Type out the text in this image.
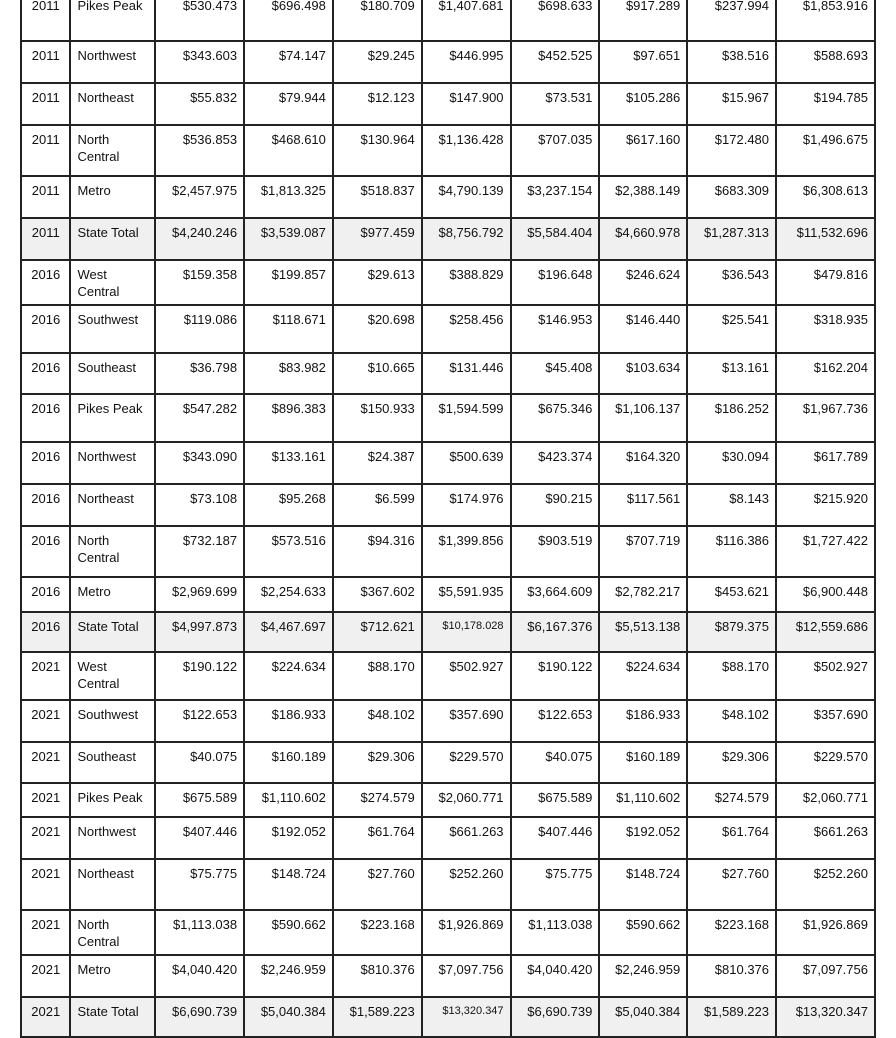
2011	Pikes Peak	$530.473	$696.498	$180.709	$1,407.681	$698.633	$917.289	$237.994	$1,853.916
2011	Northwest	$343.603	$74.147	$29.245	$446.995	$452.525	$97.651	$38.516	$588.693
2011	Northeast	$55.832	$79.944	$12.123	$147.900	$73.531	$105.286	$15.967	$194.785
2011	North Central	$536.853	$468.610	$130.964	$1,136.428	$707.035	$617.160	$172.480	$1,496.675
2011	Metro	$2,457.975	$1,813.325	$518.837	$4,790.139	$3,237.154	$2,388.149	$683.309	$6,308.613
2011	State Total	$4,240.246	$3,539.087	$977.459	$8,756.792	$5,584.404	$4,660.978	$1,287.313	$11,532.696
2016	West Central	$159.358	$199.857	$29.613	$388.829	$196.648	$246.624	$36.543	$479.816
2016	Southwest	$119.086	$118.671	$20.698	$258.456	$146.953	$146.440	$25.541	$318.935
2016	Southeast	$36.798	$83.982	$10.665	$131.446	$45.408	$103.634	$13.161	$162.204
2016	Pikes Peak	$547.282	$896.383	$150.933	$1,594.599	$675.346	$1,106.137	$186.252	$1,967.736
2016	Northwest	$343.090	$133.161	$24.387	$500.639	$423.374	$164.320	$30.094	$617.789
2016	Northeast	$73.108	$95.268	$6.599	$174.976	$90.215	$117.561	$8.143	$215.920
2016	North Central	$732.187	$573.516	$94.316	$1,399.856	$903.519	$707.719	$116.386	$1,727.422
2016	Metro	$2,969.699	$2,254.633	$367.602	$5,591.935	$3,664.609	$2,782.217	$453.621	$6,900.448
2016	State Total	$4,997.873	$4,467.697	$712.621	$10,178.028	$6,167.376	$5,513.138	$879.375	$12,559.686
2021	West Central	$190.122	$224.634	$88.170	$502.927	$190.122	$224.634	$88.170	$502.927
2021	Southwest	$122.653	$186.933	$48.102	$357.690	$122.653	$186.933	$48.102	$357.690
2021	Southeast	$40.075	$160.189	$29.306	$229.570	$40.075	$160.189	$29.306	$229.570
2021	Pikes Peak	$675.589	$1,110.602	$274.579	$2,060.771	$675.589	$1,110.602	$274.579	$2,060.771
2021	Northwest	$407.446	$192.052	$61.764	$661.263	$407.446	$192.052	$61.764	$661.263
2021	Northeast	$75.775	$148.724	$27.760	$252.260	$75.775	$148.724	$27.760	$252.260
2021	North Central	$1,113.038	$590.662	$223.168	$1,926.869	$1,113.038	$590.662	$223.168	$1,926.869
2021	Metro	$4,040.420	$2,246.959	$810.376	$7,097.756	$4,040.420	$2,246.959	$810.376	$7,097.756
2021	State Total	$6,690.739	$5,040.384	$1,589.223	$13,320.347	$6,690.739	$5,040.384	$1,589.223	$13,320.347
